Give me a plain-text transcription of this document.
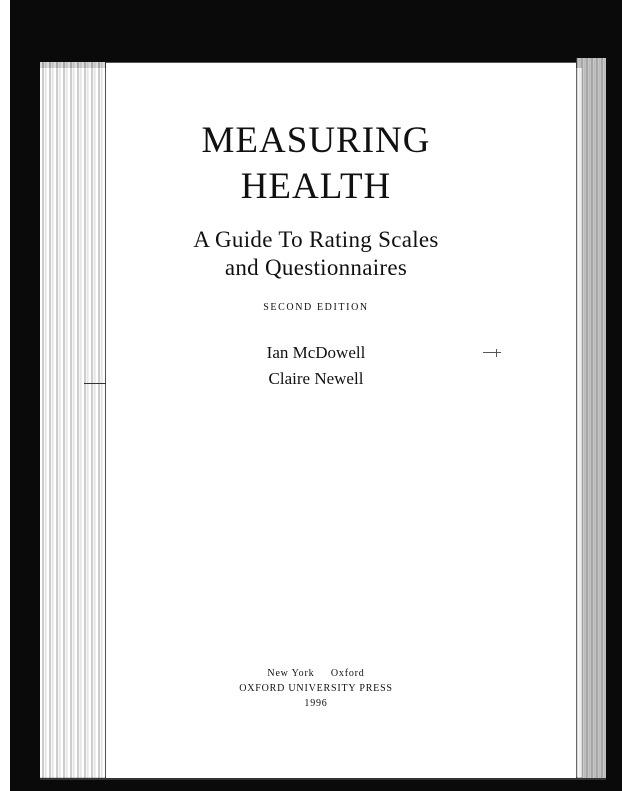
MEASURING
HEALTH
A Guide To Rating Scales
and Questionnaires
SECOND EDITION
Ian McDowell
Claire Newell
New York     Oxford
OXFORD UNIVERSITY PRESS
1996
